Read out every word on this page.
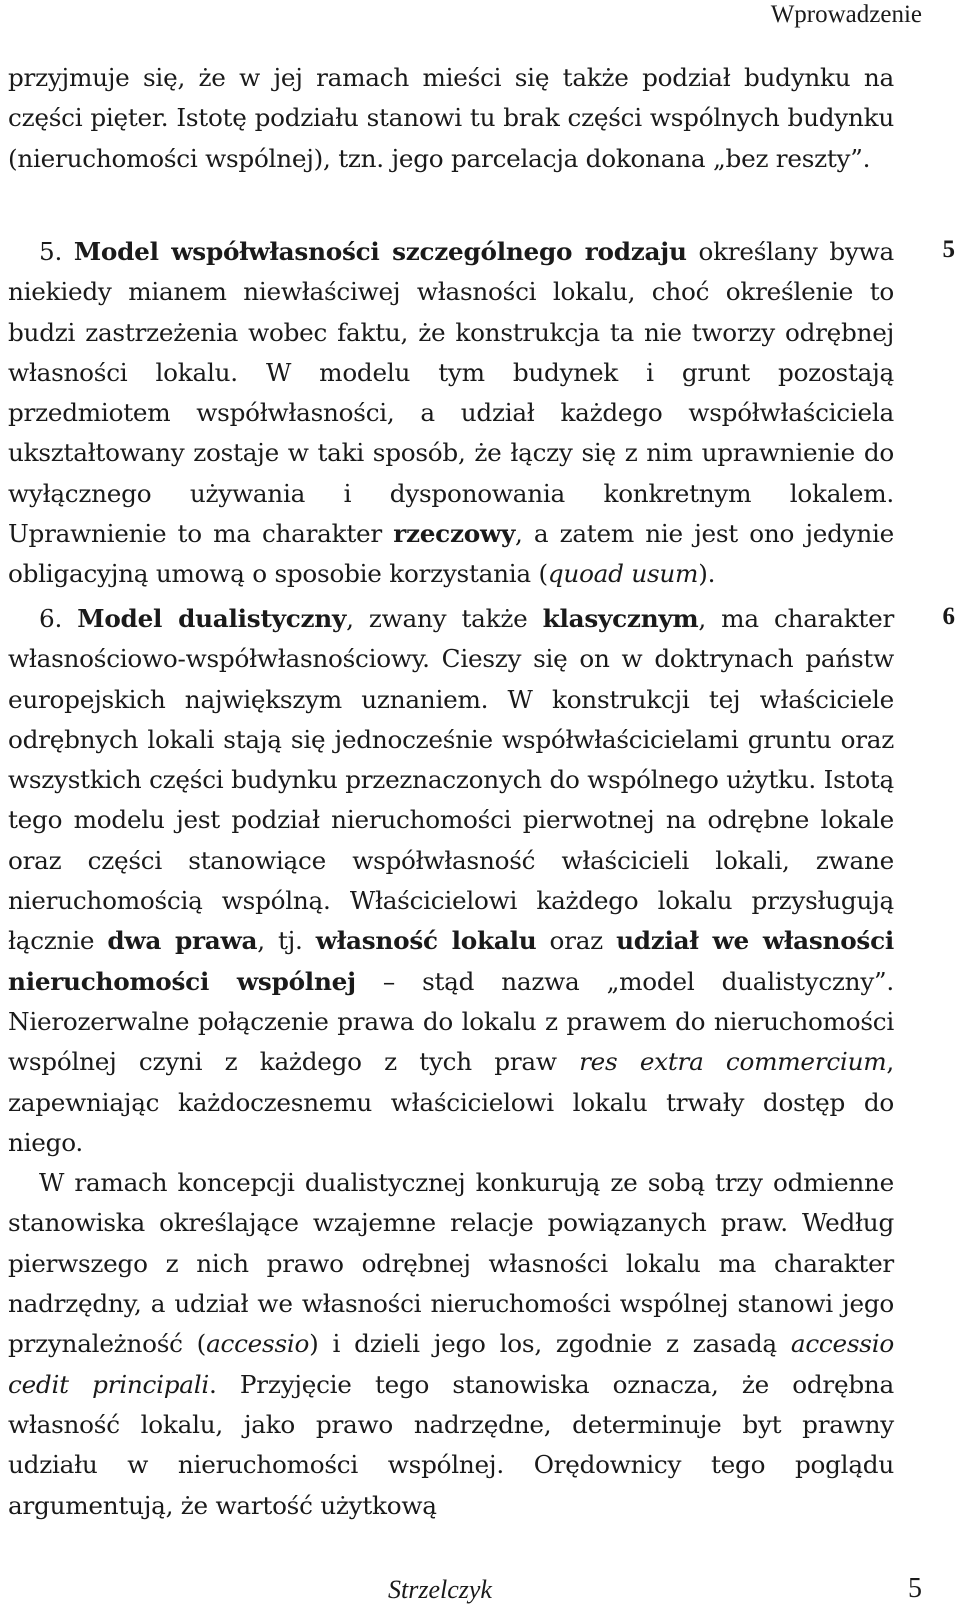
Wprowadzenie
5
6

przyjmuje się, że w jej ramach mieści się także podział budynku na części pięter. Istotę podziału stanowi tu brak części wspólnych budynku (nieruchomości wspólnej), tzn. jego parcelacja dokonana „bez reszty”.

5. Model współwłasności szczególnego rodzaju określany bywa niekiedy mianem niewłaściwej własności lokalu, choć określenie to budzi zastrzeżenia wobec faktu, że konstrukcja ta nie tworzy odrębnej własności lokalu. W modelu tym budynek i grunt pozostają przedmiotem współwłasności, a udział każdego współwłaściciela ukształtowany zostaje w taki sposób, że łączy się z nim uprawnienie do wyłącznego używania i dysponowania konkretnym lokalem. Uprawnienie to ma charakter rzeczowy, a zatem nie jest ono jedynie obligacyjną umową o sposobie korzystania (quoad usum).

6. Model dualistyczny, zwany także klasycznym, ma charakter własnościowo-współwłasnościowy. Cieszy się on w doktrynach państw europejskich największym uznaniem. W konstrukcji tej właściciele odrębnych lokali stają się jednocześnie współwłaścicielami gruntu oraz wszystkich części budynku przeznaczonych do wspólnego użytku. Istotą tego modelu jest podział nieruchomości pierwotnej na odrębne lokale oraz części stanowiące współwłasność właścicieli lokali, zwane nieruchomością wspólną. Właścicielowi każdego lokalu przysługują łącznie dwa prawa, tj. własność lokalu oraz udział we własności nieruchomości wspólnej – stąd nazwa „model dualistyczny”. Nierozerwalne połączenie prawa do lokalu z prawem do nieruchomości wspólnej czyni z każdego z tych praw res extra commercium, zapewniając każdoczesnemu właścicielowi lokalu trwały dostęp do niego.

W ramach koncepcji dualistycznej konkurują ze sobą trzy odmienne stanowiska określające wzajemne relacje powiązanych praw. Według pierwszego z nich prawo odrębnej własności lokalu ma charakter nadrzędny, a udział we własności nieruchomości wspólnej stanowi jego przynależność (accessio) i dzieli jego los, zgodnie z zasadą accessio cedit principali. Przyjęcie tego stanowiska oznacza, że odrębna własność lokalu, jako prawo nadrzędne, determinuje byt prawny udziału w nieruchomości wspólnej. Orędownicy tego poglądu argumentują, że wartość użytkową

Strzelczyk	5
